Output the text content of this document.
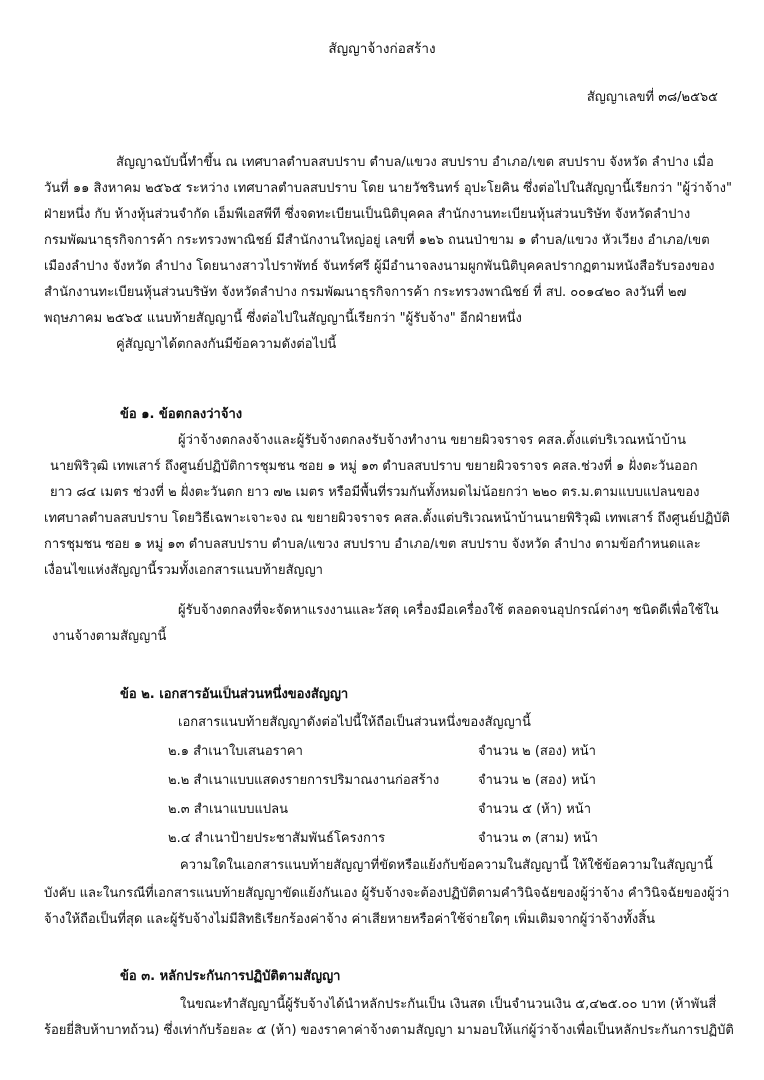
สัญญาจ้างก่อสร้าง
สัญญาเลขที่ ๓๘/๒๕๖๕
สัญญาฉบับนี้ทำขึ้น ณ เทศบาลตำบลสบปราบ ตำบล/แขวง สบปราบ อำเภอ/เขต สบปราบ จังหวัด ลำปาง เมื่อ
วันที่ ๑๑ สิงหาคม ๒๕๖๕ ระหว่าง เทศบาลตำบลสบปราบ โดย นายวัชรินทร์ อุปะโยคิน ซึ่งต่อไปในสัญญานี้เรียกว่า "ผู้ว่าจ้าง"
ฝ่ายหนึ่ง กับ ห้างหุ้นส่วนจำกัด เอ็มพีเอสพีที ซึ่งจดทะเบียนเป็นนิติบุคคล สำนักงานทะเบียนหุ้นส่วนบริษัท จังหวัดลำปาง
กรมพัฒนาธุรกิจการค้า กระทรวงพาณิชย์ มีสำนักงานใหญ่อยู่ เลขที่ ๑๒๖ ถนนป่าขาม ๑ ตำบล/แขวง หัวเวียง อำเภอ/เขต
เมืองลำปาง จังหวัด ลำปาง โดยนางสาวไปราพัทธ์ จันทร์ศรี ผู้มีอำนาจลงนามผูกพันนิติบุคคลปรากฏตามหนังสือรับรองของ
สำนักงานทะเบียนหุ้นส่วนบริษัท จังหวัดลำปาง กรมพัฒนาธุรกิจการค้า กระทรวงพาณิชย์ ที่ สป. ๐๐๑๔๒๐ ลงวันที่ ๒๗
พฤษภาคม ๒๕๖๕ แนบท้ายสัญญานี้ ซึ่งต่อไปในสัญญานี้เรียกว่า "ผู้รับจ้าง" อีกฝ่ายหนึ่ง
คู่สัญญาได้ตกลงกันมีข้อความดังต่อไปนี้
ข้อ ๑. ข้อตกลงว่าจ้าง
ผู้ว่าจ้างตกลงจ้างและผู้รับจ้างตกลงรับจ้างทำงาน ขยายผิวจราจร คสล.ตั้งแต่บริเวณหน้าบ้าน
นายพิริวุฒิ เทพเสาร์ ถึงศูนย์ปฏิบัติการชุมชน ซอย ๑ หมู่ ๑๓ ตำบลสบปราบ ขยายผิวจราจร คสล.ช่วงที่ ๑ ฝั่งตะวันออก
ยาว ๘๔ เมตร ช่วงที่ ๒ ฝั่งตะวันตก ยาว ๗๒ เมตร หรือมีพื้นที่รวมกันทั้งหมดไม่น้อยกว่า ๒๒๐ ตร.ม.ตามแบบแปลนของ
เทศบาลตำบลสบปราบ โดยวิธีเฉพาะเจาะจง ณ ขยายผิวจราจร คสล.ตั้งแต่บริเวณหน้าบ้านนายพิริวุฒิ เทพเสาร์ ถึงศูนย์ปฏิบัติ
การชุมชน ซอย ๑ หมู่ ๑๓ ตำบลสบปราบ ตำบล/แขวง สบปราบ อำเภอ/เขต สบปราบ จังหวัด ลำปาง ตามข้อกำหนดและ
เงื่อนไขแห่งสัญญานี้รวมทั้งเอกสารแนบท้ายสัญญา
ผู้รับจ้างตกลงที่จะจัดหาแรงงานและวัสดุ เครื่องมือเครื่องใช้ ตลอดจนอุปกรณ์ต่างๆ ชนิดดีเพื่อใช้ใน
งานจ้างตามสัญญานี้
ข้อ ๒. เอกสารอันเป็นส่วนหนึ่งของสัญญา
เอกสารแนบท้ายสัญญาดังต่อไปนี้ให้ถือเป็นส่วนหนึ่งของสัญญานี้
๒.๑ สำเนาใบเสนอราคา	จำนวน ๒ (สอง) หน้า
๒.๒ สำเนาแบบแสดงรายการปริมาณงานก่อสร้าง	จำนวน ๒ (สอง) หน้า
๒.๓ สำเนาแบบแปลน	จำนวน ๕ (ห้า) หน้า
๒.๔ สำเนาป้ายประชาสัมพันธ์โครงการ	จำนวน ๓ (สาม) หน้า
ความใดในเอกสารแนบท้ายสัญญาที่ขัดหรือแย้งกับข้อความในสัญญานี้ ให้ใช้ข้อความในสัญญานี้
บังคับ และในกรณีที่เอกสารแนบท้ายสัญญาขัดแย้งกันเอง ผู้รับจ้างจะต้องปฏิบัติตามคำวินิจฉัยของผู้ว่าจ้าง คำวินิจฉัยของผู้ว่า
จ้างให้ถือเป็นที่สุด และผู้รับจ้างไม่มีสิทธิเรียกร้องค่าจ้าง ค่าเสียหายหรือค่าใช้จ่ายใดๆ เพิ่มเติมจากผู้ว่าจ้างทั้งสิ้น
ข้อ ๓. หลักประกันการปฏิบัติตามสัญญา
ในขณะทำสัญญานี้ผู้รับจ้างได้นำหลักประกันเป็น เงินสด เป็นจำนวนเงิน ๕,๔๒๕.๐๐ บาท (ห้าพันสี่
ร้อยยี่สิบห้าบาทถ้วน) ซึ่งเท่ากับร้อยละ ๕ (ห้า) ของราคาค่าจ้างตามสัญญา มามอบให้แก่ผู้ว่าจ้างเพื่อเป็นหลักประกันการปฏิบัติ
